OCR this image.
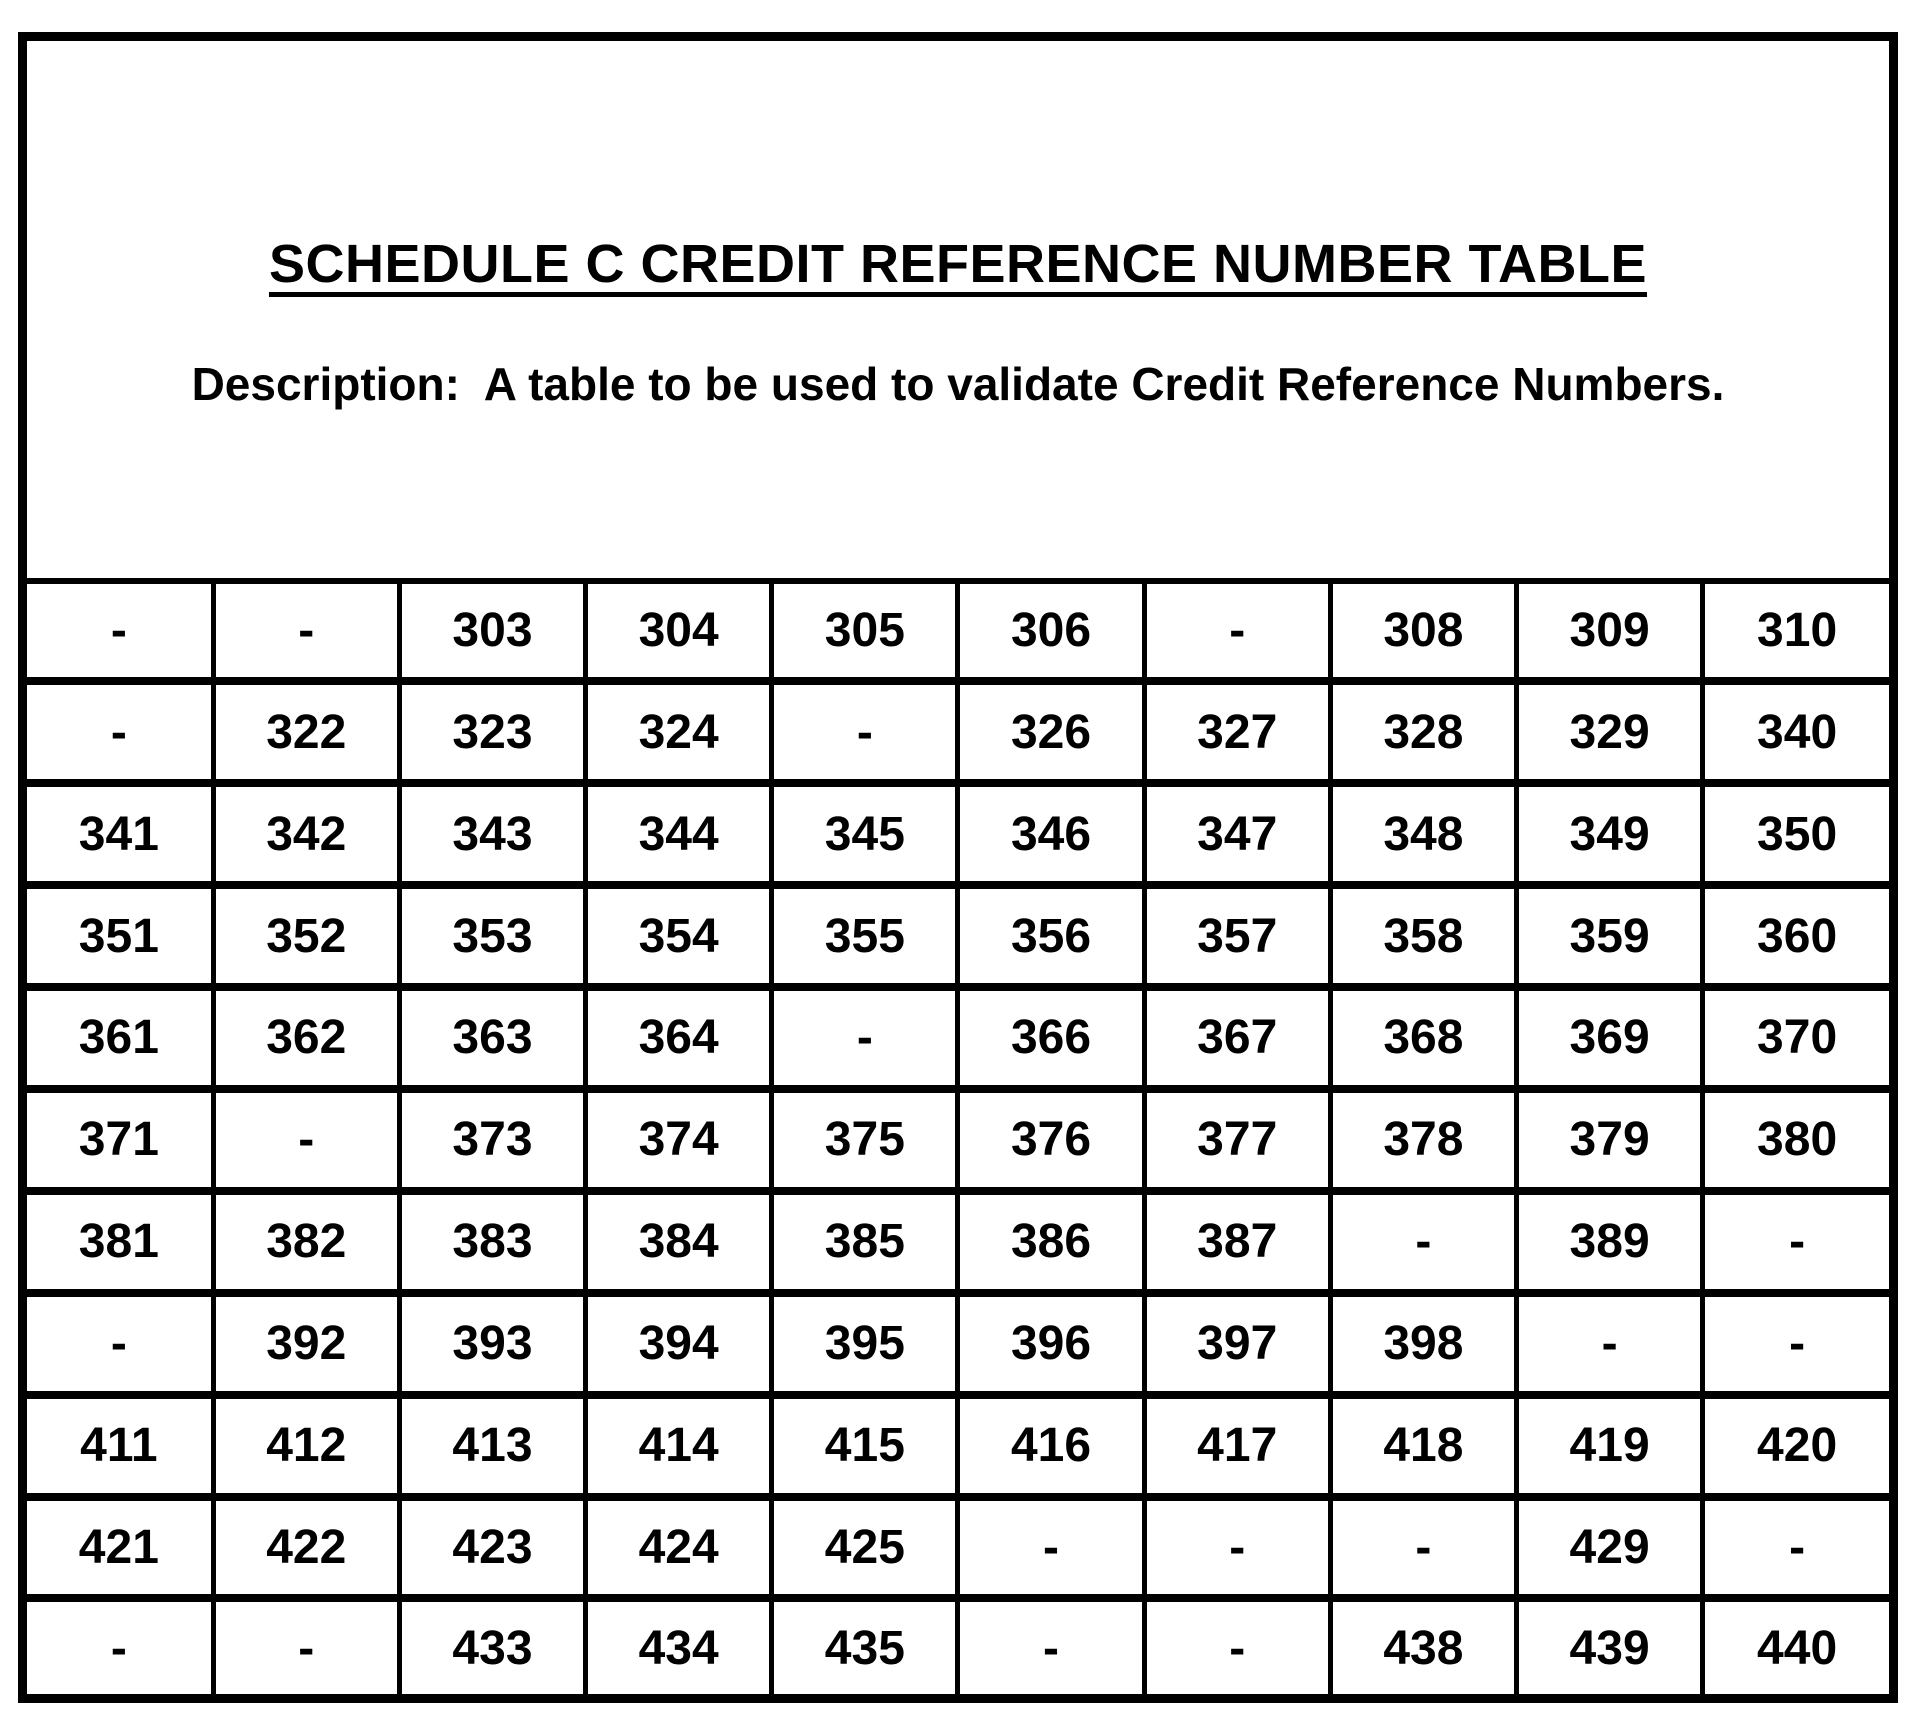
SCHEDULE C CREDIT REFERENCE NUMBER TABLE
Description:  A table to be used to validate Credit Reference Numbers.
-	-	303	304	305	306	-	308	309	310
-	322	323	324	-	326	327	328	329	340
341	342	343	344	345	346	347	348	349	350
351	352	353	354	355	356	357	358	359	360
361	362	363	364	-	366	367	368	369	370
371	-	373	374	375	376	377	378	379	380
381	382	383	384	385	386	387	-	389	-
-	392	393	394	395	396	397	398	-	-
411	412	413	414	415	416	417	418	419	420
421	422	423	424	425	-	-	-	429	-
-	-	433	434	435	-	-	438	439	440
